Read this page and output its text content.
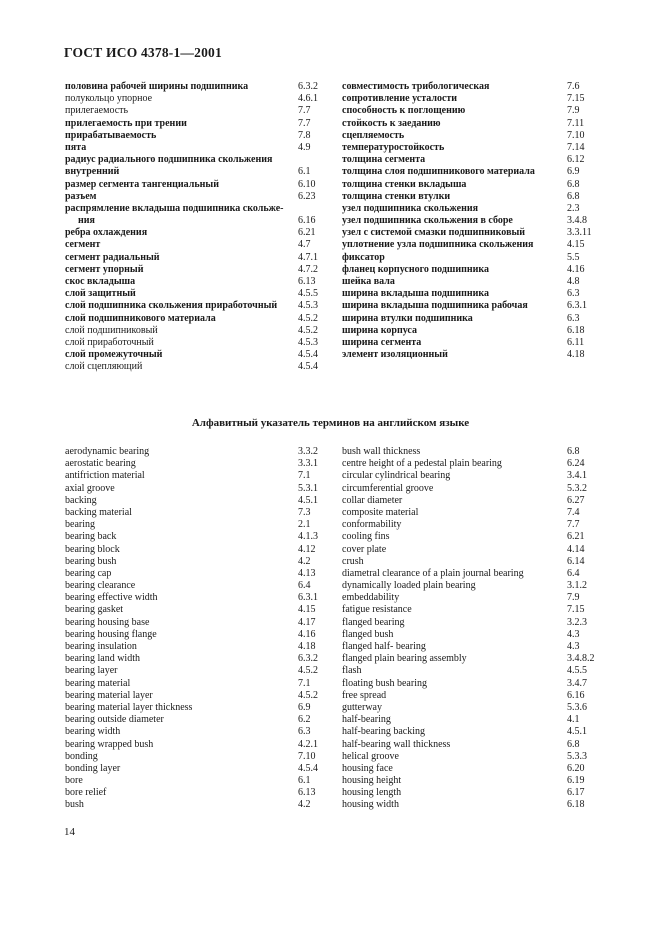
ГОСТ ИСО 4378-1—2001
половина рабочей ширины подшипника	6.3.2
полукольцо упорное	4.6.1
прилегаемость	7.7
прилегаемость при трении	7.7
прирабатываемость	7.8
пята	4.9
радиус радиального подшипника скольжения
внутренний	6.1
размер сегмента тангенциальный	6.10
разъем	6.23
распрямление вкладыша подшипника скольже-
ния	6.16
ребра охлаждения	6.21
сегмент	4.7
сегмент радиальный	4.7.1
сегмент упорный	4.7.2
скос вкладыша	6.13
слой защитный	4.5.5
слой подшипника скольжения приработочный 4.5.3
слой подшипникового материала	4.5.2
слой подшипниковый	4.5.2
слой приработочный	4.5.3
слой промежуточный	4.5.4
слой сцепляющий	4.5.4
совместимость трибологическая	7.6
сопротивление усталости	7.15
способность к поглощению	7.9
стойкость к заеданию	7.11
сцепляемость	7.10
температуростойкость	7.14
толщина сегмента	6.12
толщина слоя подшипникового материала	6.9
толщина стенки вкладыша	6.8
толщина стенки втулки	6.8
узел подшипника скольжения	2.3
узел подшипника скольжения в сборе	3.4.8
узел с системой смазки подшипниковый	3.3.11
уплотнение узла подшипника скольжения	4.15
фиксатор	5.5
фланец корпусного подшипника	4.16
шейка вала	4.8
ширина вкладыша подшипника	6.3
ширина вкладыша подшипника рабочая	6.3.1
ширина втулки подшипника	6.3
ширина корпуса	6.18
ширина сегмента	6.11
элемент изоляционный	4.18
Алфавитный указатель терминов на английском языке
aerodynamic bearing	3.3.2
aerostatic bearing	3.3.1
antifriction material	7.1
axial groove	5.3.1
backing	4.5.1
backing material	7.3
bearing	2.1
bearing back	4.1.3
bearing block	4.12
bearing bush	4.2
bearing cap	4.13
bearing clearance	6.4
bearing effective width	6.3.1
bearing gasket	4.15
bearing housing base	4.17
bearing housing flange	4.16
bearing insulation	4.18
bearing land width	6.3.2
bearing layer	4.5.2
bearing material	7.1
bearing material layer	4.5.2
bearing material layer thickness	6.9
bearing outside diameter	6.2
bearing width	6.3
bearing wrapped bush	4.2.1
bonding	7.10
bonding layer	4.5.4
bore	6.1
bore relief	6.13
bush	4.2
bush wall thickness	6.8
centre height of a pedestal plain bearing	6.24
circular cylindrical bearing	3.4.1
circumferential groove	5.3.2
collar diameter	6.27
composite material	7.4
conformability	7.7
cooling fins	6.21
cover plate	4.14
crush	6.14
diametral clearance of a plain journal bearing	6.4
dynamically loaded plain bearing	3.1.2
embeddability	7.9
fatigue resistance	7.15
flanged bearing	3.2.3
flanged bush	4.3
flanged half- bearing	4.3
flanged plain bearing assembly	3.4.8.2
flash	4.5.5
floating bush bearing	3.4.7
free spread	6.16
gutterway	5.3.6
half-bearing	4.1
half-bearing backing	4.5.1
half-bearing wall thickness	6.8
helical groove	5.3.3
housing face	6.20
housing height	6.19
housing length	6.17
housing width	6.18
14
